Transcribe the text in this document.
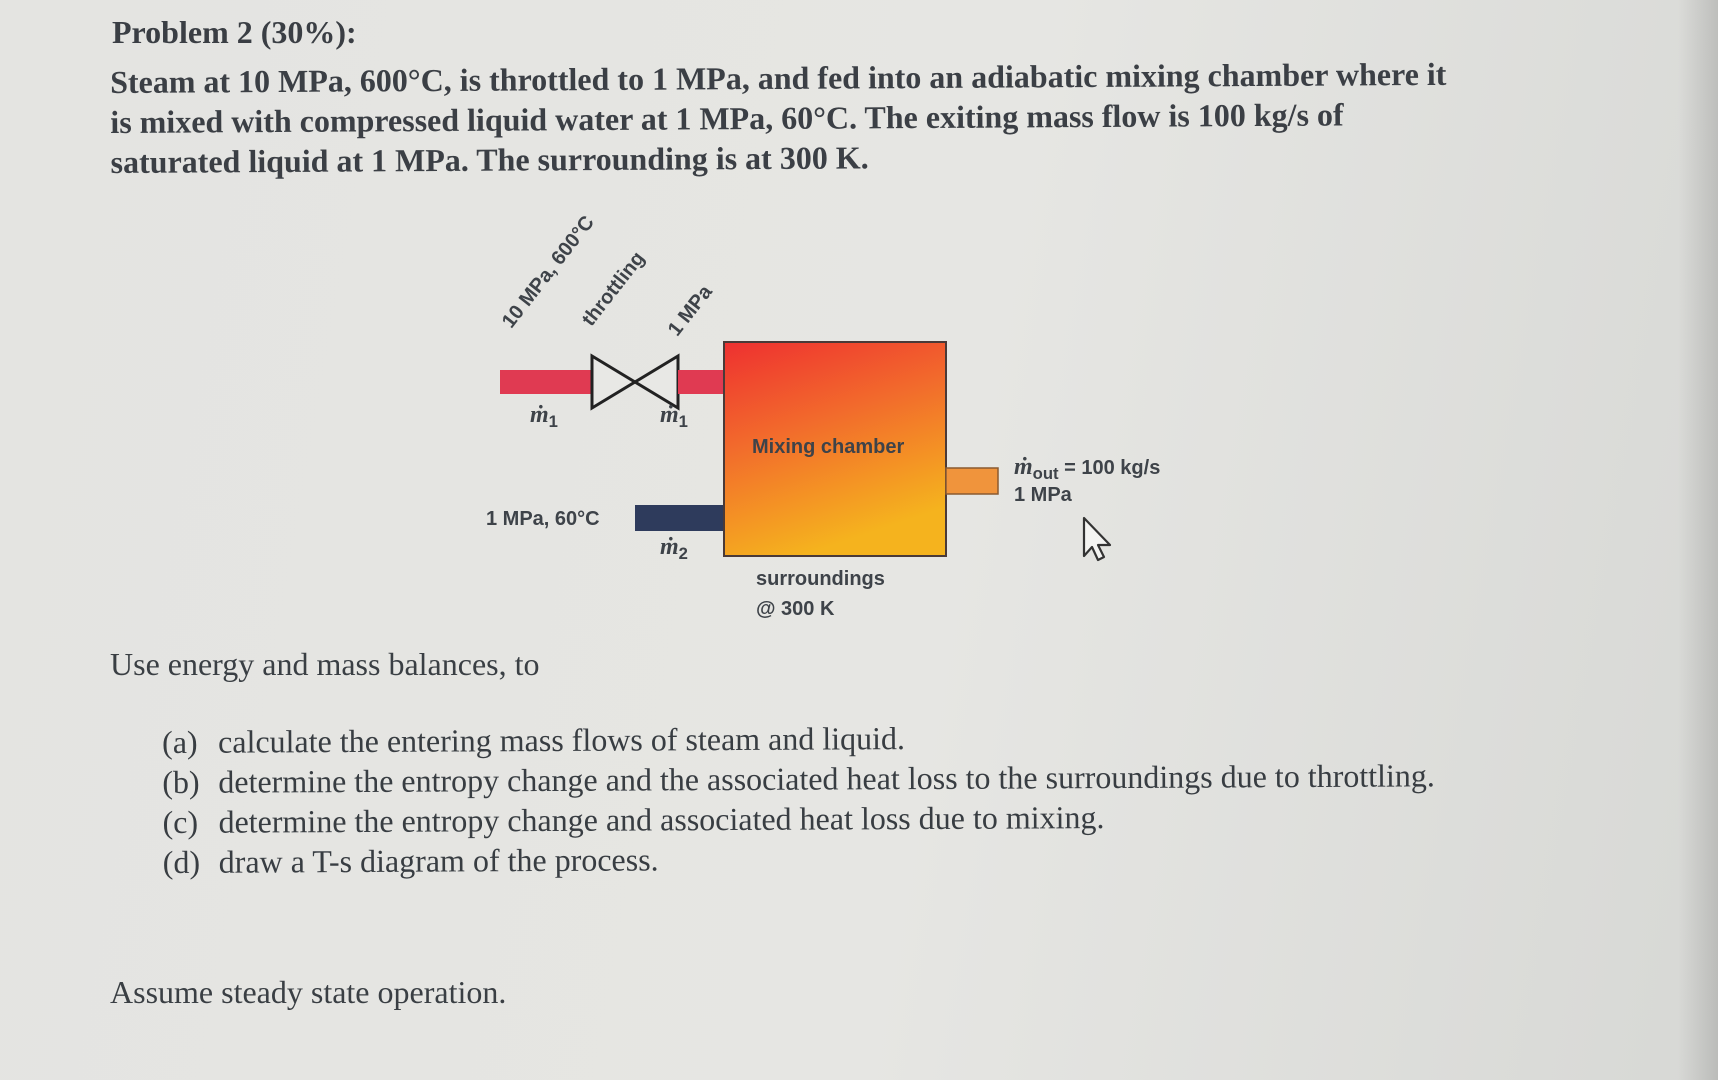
Problem 2 (30%):

Steam at 10 MPa, 600°C, is throttled to 1 MPa, and fed into an adiabatic mixing chamber where it
is mixed with compressed liquid water at 1 MPa, 60°C. The exiting mass flow is 100 kg/s of
saturated liquid at 1 MPa. The surrounding is at 300 K.

10 MPa, 600°C
throttling 1 MPa
ṁ$_1$	ṁ$_1$
1 MPa, 60°C
ṁ$_2$
Mixing chamber
ṁ$_{out}$ = 100 kg/s
1 MPa
surroundings
@ 300 K

Use energy and mass balances, to

(a) calculate the entering mass flows of steam and liquid.
(b) determine the entropy change and the associated heat loss to the surroundings due to throttling.
(c) determine the entropy change and associated heat loss due to mixing.
(d) draw a T-s diagram of the process.

Assume steady state operation.
